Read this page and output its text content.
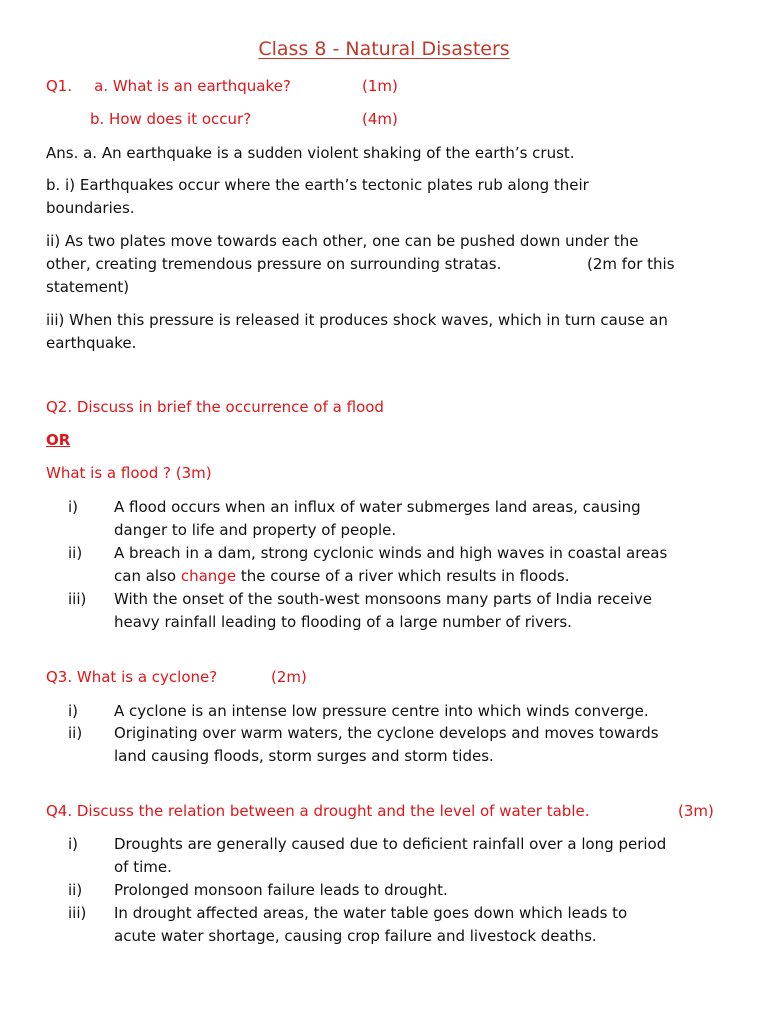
Class 8 - Natural Disasters
Q1. a. What is an earthquake?	(1m)
b. How does it occur?	(4m)
Ans. a. An earthquake is a sudden violent shaking of the earth’s crust.
b. i) Earthquakes occur where the earth’s tectonic plates rub along their
boundaries.
ii) As two plates move towards each other, one can be pushed down under the
other, creating tremendous pressure on surrounding stratas.	(2m for this
statement)
iii) When this pressure is released it produces shock waves, which in turn cause an
earthquake.
Q2. Discuss in brief the occurrence of a flood
OR
What is a flood ? (3m)
i) A flood occurs when an influx of water submerges land areas, causing
danger to life and property of people.
ii) A breach in a dam, strong cyclonic winds and high waves in coastal areas
can also change the course of a river which results in floods.
iii) With the onset of the south-west monsoons many parts of India receive
heavy rainfall leading to flooding of a large number of rivers.
Q3. What is a cyclone?	(2m)
i) A cyclone is an intense low pressure centre into which winds converge.
ii) Originating over warm waters, the cyclone develops and moves towards
land causing floods, storm surges and storm tides.
Q4. Discuss the relation between a drought and the level of water table.	(3m)
i) Droughts are generally caused due to deficient rainfall over a long period
of time.
ii) Prolonged monsoon failure leads to drought.
iii) In drought affected areas, the water table goes down which leads to
acute water shortage, causing crop failure and livestock deaths.
